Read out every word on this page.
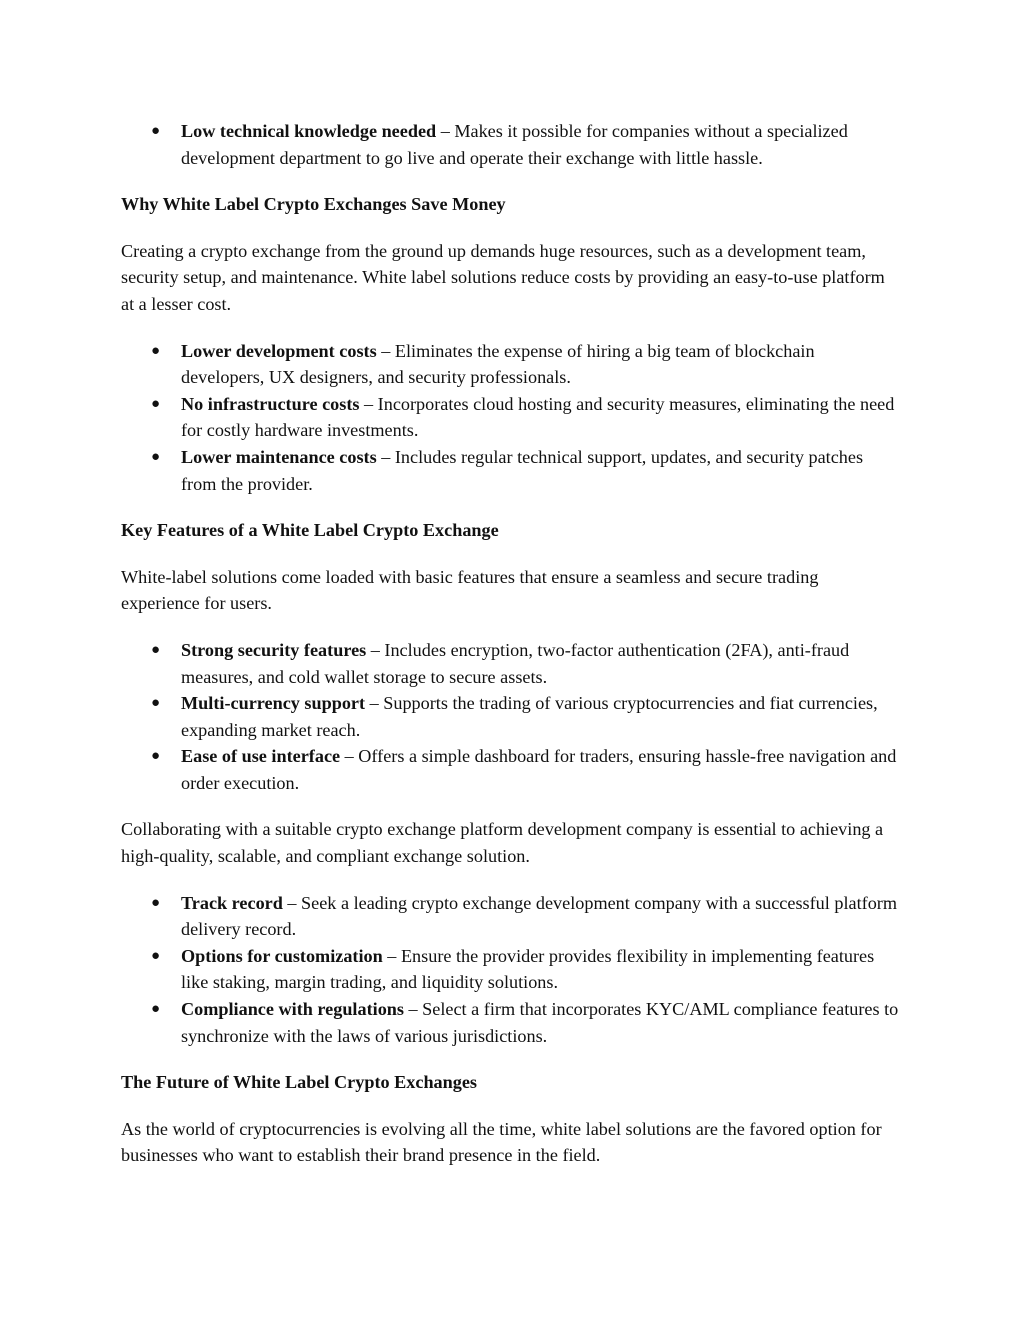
● Low technical knowledge needed – Makes it possible for companies without a specialized development department to go live and operate their exchange with little hassle.
Why White Label Crypto Exchanges Save Money

Creating a crypto exchange from the ground up demands huge resources, such as a development team, security setup, and maintenance. White label solutions reduce costs by providing an easy-to-use platform at a lesser cost.

● Lower development costs – Eliminates the expense of hiring a big team of blockchain developers, UX designers, and security professionals.
● No infrastructure costs – Incorporates cloud hosting and security measures, eliminating the need for costly hardware investments.
● Lower maintenance costs – Includes regular technical support, updates, and security patches from the provider.
Key Features of a White Label Crypto Exchange

White-label solutions come loaded with basic features that ensure a seamless and secure trading experience for users.

● Strong security features – Includes encryption, two-factor authentication (2FA), anti-fraud measures, and cold wallet storage to secure assets.
● Multi-currency support – Supports the trading of various cryptocurrencies and fiat currencies, expanding market reach.
● Ease of use interface – Offers a simple dashboard for traders, ensuring hassle-free navigation and order execution.

Collaborating with a suitable crypto exchange platform development company is essential to achieving a high-quality, scalable, and compliant exchange solution.

● Track record – Seek a leading crypto exchange development company with a successful platform delivery record.
● Options for customization – Ensure the provider provides flexibility in implementing features like staking, margin trading, and liquidity solutions.
● Compliance with regulations – Select a firm that incorporates KYC/AML compliance features to synchronize with the laws of various jurisdictions.
The Future of White Label Crypto Exchanges

As the world of cryptocurrencies is evolving all the time, white label solutions are the favored option for businesses who want to establish their brand presence in the field.
